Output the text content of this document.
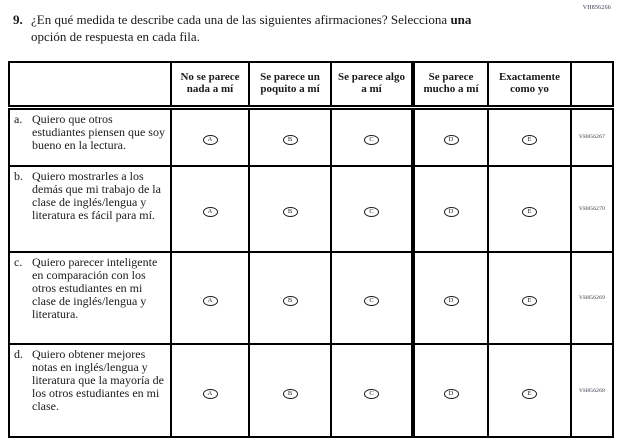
VH856266
9. ¿En qué medida te describe cada una de las siguientes afirmaciones? Selecciona una
opción de respuesta en cada fila.
	No se parece nada a mí	Se parece un poquito a mí	Se parece algo a mí	Se parece mucho a mí	Exactamente como yo	

a. Quiero que otros estudiantes piensen que soy bueno en la lectura.	A	B	C	D	E	VH856267

b. Quiero mostrarles a los demás que mi trabajo de la clase de inglés/lengua y literatura es fácil para mí.	A	B	C	D	E	VH856270

c. Quiero parecer inteligente en comparación con los otros estudiantes en mi clase de inglés/lengua y literatura.	A	B	C	D	E	VH856269

d. Quiero obtener mejores notas en inglés/lengua y literatura que la mayoría de los otros estudiantes en mi clase.	A	B	C	D	E	VH856268
